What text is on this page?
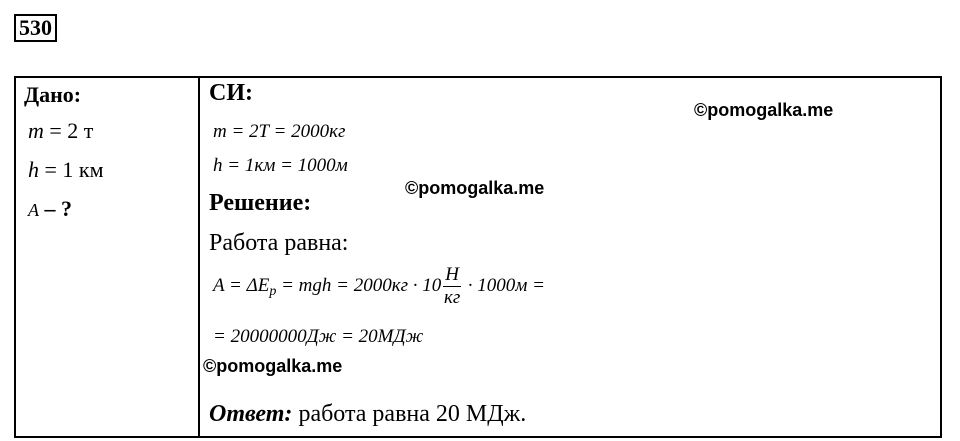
530
Дано:
m = 2 т
h = 1 км
A – ?
СИ:
m = 2T = 2000кг
h = 1км = 1000м
Решение:
Работа равна:
$A = \Delta E_p$ = mgh = $2000кг \cdot 10 \frac{Н}{кг} \cdot 1000м$ =
= 20000000Дж = 20МДж
Ответ: работа равна 20 МДж.
©pomogalka.me
©pomogalka.me
©pomogalka.me
